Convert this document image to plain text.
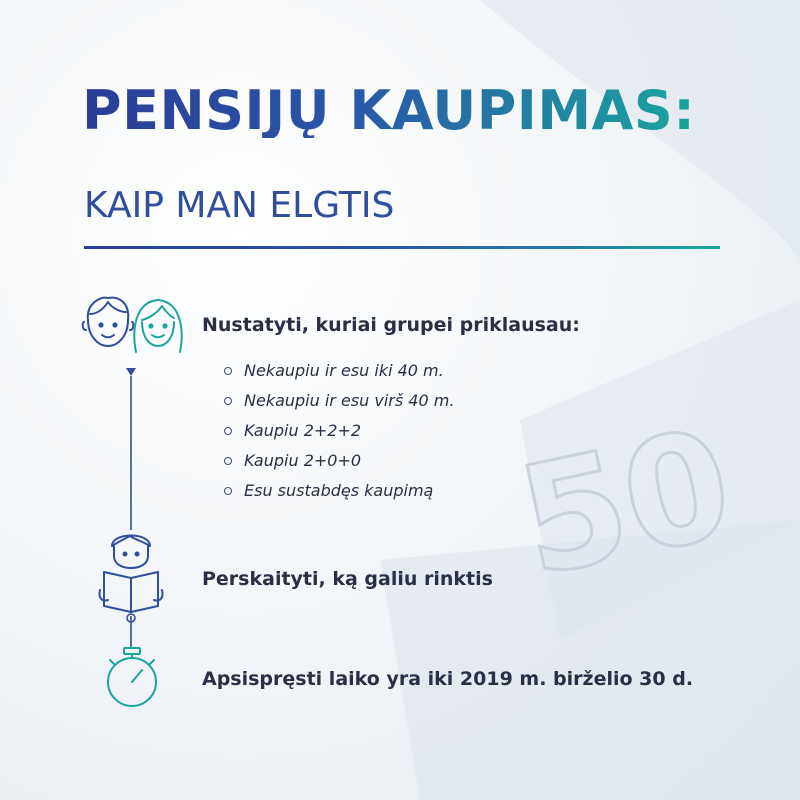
50
PENSIJŲ KAUPIMAS:
KAIP MAN ELGTIS

Nustatyti, kuriai grupei priklausau:

Nekaupiu ir esu iki 40 m.
Nekaupiu ir esu virš 40 m.
Kaupiu 2+2+2
Kaupiu 2+0+0
Esu sustabdęs kaupimą

Perskaityti, ką galiu rinktis

Apsispręsti laiko yra iki 2019 m. birželio 30 d.
